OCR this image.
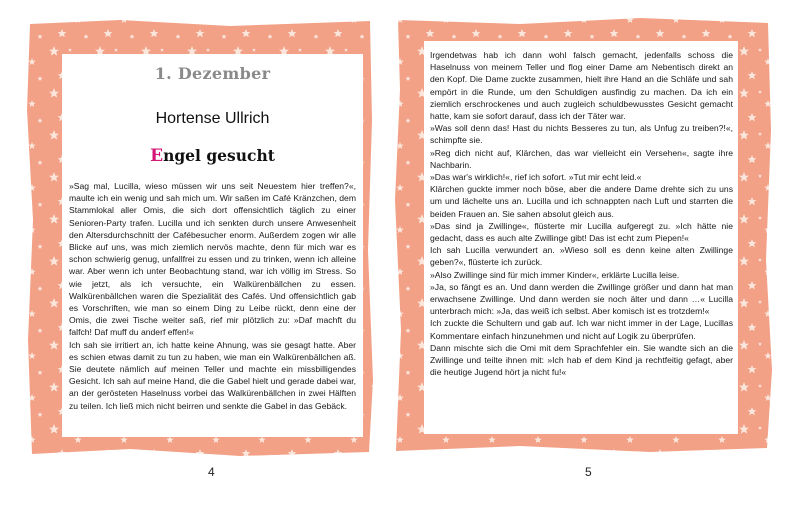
1. Dezember
Hortense Ullrich
Engel gesucht

»Sag mal, Lucilla, wieso müssen wir uns seit Neuestem hier treffen?«, maulte ich ein wenig und sah mich um. Wir saßen im Café Kränzchen, dem Stammlokal aller Omis, die sich dort offensichtlich täglich zu einer Senioren-Party trafen. Lucilla und ich senkten durch unsere Anwesenheit den Altersdurchschnitt der Cafébesucher enorm. Außerdem zogen wir alle Blicke auf uns, was mich ziemlich nervös machte, denn für mich war es schon schwierig genug, unfallfrei zu essen und zu trinken, wenn ich alleine war. Aber wenn ich unter Beobachtung stand, war ich völlig im Stress. So wie jetzt, als ich versuchte, ein Walkürenbällchen zu essen. Walkürenbällchen waren die Spezialität des Cafés. Und offensichtlich gab es Vorschriften, wie man so einem Ding zu Leibe rückt, denn eine der Omis, die zwei Tische weiter saß, rief mir plötzlich zu: »Daf machft du falfch! Daf muff du anderf effen!«

Ich sah sie irritiert an, ich hatte keine Ahnung, was sie gesagt hatte. Aber es schien etwas damit zu tun zu haben, wie man ein Walkürenbällchen aß. Sie deutete nämlich auf meinen Teller und machte ein missbilligendes Gesicht. Ich sah auf meine Hand, die die Gabel hielt und gerade dabei war, an der gerösteten Haselnuss vorbei das Walkürenbällchen in zwei Hälften zu teilen. Ich ließ mich nicht beirren und senkte die Gabel in das Gebäck.

Irgendetwas hab ich dann wohl falsch gemacht, jedenfalls schoss die Haselnuss von meinem Teller und flog einer Dame am Nebentisch direkt an den Kopf. Die Dame zuckte zusammen, hielt ihre Hand an die Schläfe und sah empört in die Runde, um den Schuldigen ausfindig zu machen. Da ich ein ziemlich erschrockenes und auch zugleich schuldbewusstes Gesicht gemacht hatte, kam sie sofort darauf, dass ich der Täter war.

»Was soll denn das! Hast du nichts Besseres zu tun, als Unfug zu treiben?!«, schimpfte sie.

»Reg dich nicht auf, Klärchen, das war vielleicht ein Versehen«, sagte ihre Nachbarin.

»Das war's wirklich!«, rief ich sofort. »Tut mir echt leid.«

Klärchen guckte immer noch böse, aber die andere Dame drehte sich zu uns um und lächelte uns an. Lucilla und ich schnappten nach Luft und starrten die beiden Frauen an. Sie sahen absolut gleich aus.

»Das sind ja Zwillinge«, flüsterte mir Lucilla aufgeregt zu. »Ich hätte nie gedacht, dass es auch alte Zwillinge gibt! Das ist echt zum Piepen!«

Ich sah Lucilla verwundert an. »Wieso soll es denn keine alten Zwillinge geben?«, flüsterte ich zurück.

»Also Zwillinge sind für mich immer Kinder«, erklärte Lucilla leise.

»Ja, so fängt es an. Und dann werden die Zwillinge größer und dann hat man erwachsene Zwillinge. Und dann werden sie noch älter und dann …« Lucilla unterbrach mich: »Ja, das weiß ich selbst. Aber komisch ist es trotzdem!«

Ich zuckte die Schultern und gab auf. Ich war nicht immer in der Lage, Lucillas Kommentare einfach hinzunehmen und nicht auf Logik zu überprüfen.

Dann mischte sich die Omi mit dem Sprachfehler ein. Sie wandte sich an die Zwillinge und teilte ihnen mit: »Ich hab ef dem Kind ja rechtfeitig gefagt, aber die heutige Jugend hört ja nicht fu!«

4	5
